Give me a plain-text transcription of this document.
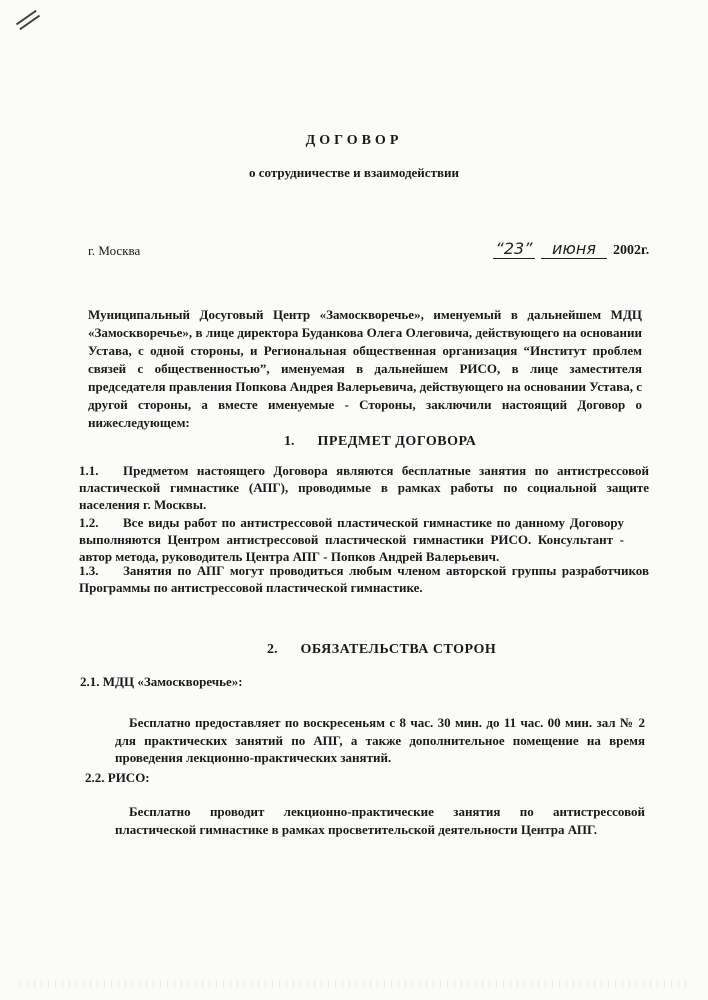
ДОГОВОР
о сотрудничестве и взаимодействии
г. Москва	“23” июня 2002г.
Муниципальный Досуговый Центр «Замоскворечье», именуемый в дальнейшем МДЦ «Замоскворечье», в лице директора Буданкова Олега Олеговича, действующего на основании Устава, с одной стороны, и Региональная общественная организация “Институт проблем связей с общественностью”, именуемая в дальнейшем РИСО, в лице заместителя председателя правления Попкова Андрея Валерьевича, действующего на основании Устава, с другой стороны, а вместе именуемые - Стороны, заключили настоящий Договор о нижеследующем:
1. ПРЕДМЕТ ДОГОВОРА
1.1. Предметом настоящего Договора являются бесплатные занятия по антистрессовой пластической гимнастике (АПГ), проводимые в рамках работы по социальной защите населения г. Москвы.
1.2. Все виды работ по антистрессовой пластической гимнастике по данному Договору выполняются Центром антистрессовой пластической гимнастики РИСО. Консультант - автор метода, руководитель Центра АПГ - Попков Андрей Валерьевич.
1.3. Занятия по АПГ могут проводиться любым членом авторской группы разработчиков Программы по антистрессовой пластической гимнастике.
2. ОБЯЗАТЕЛЬСТВА СТОРОН
2.1. МДЦ «Замоскворечье»:
Бесплатно предоставляет по воскресеньям с 8 час. 30 мин. до 11 час. 00 мин. зал № 2 для практических занятий по АПГ, а также дополнительное помещение на время проведения лекционно-практических занятий.
2.2. РИСО:
Бесплатно проводит лекционно-практические занятия по антистрессовой пластической гимнастике в рамках просветительской деятельности Центра АПГ.
